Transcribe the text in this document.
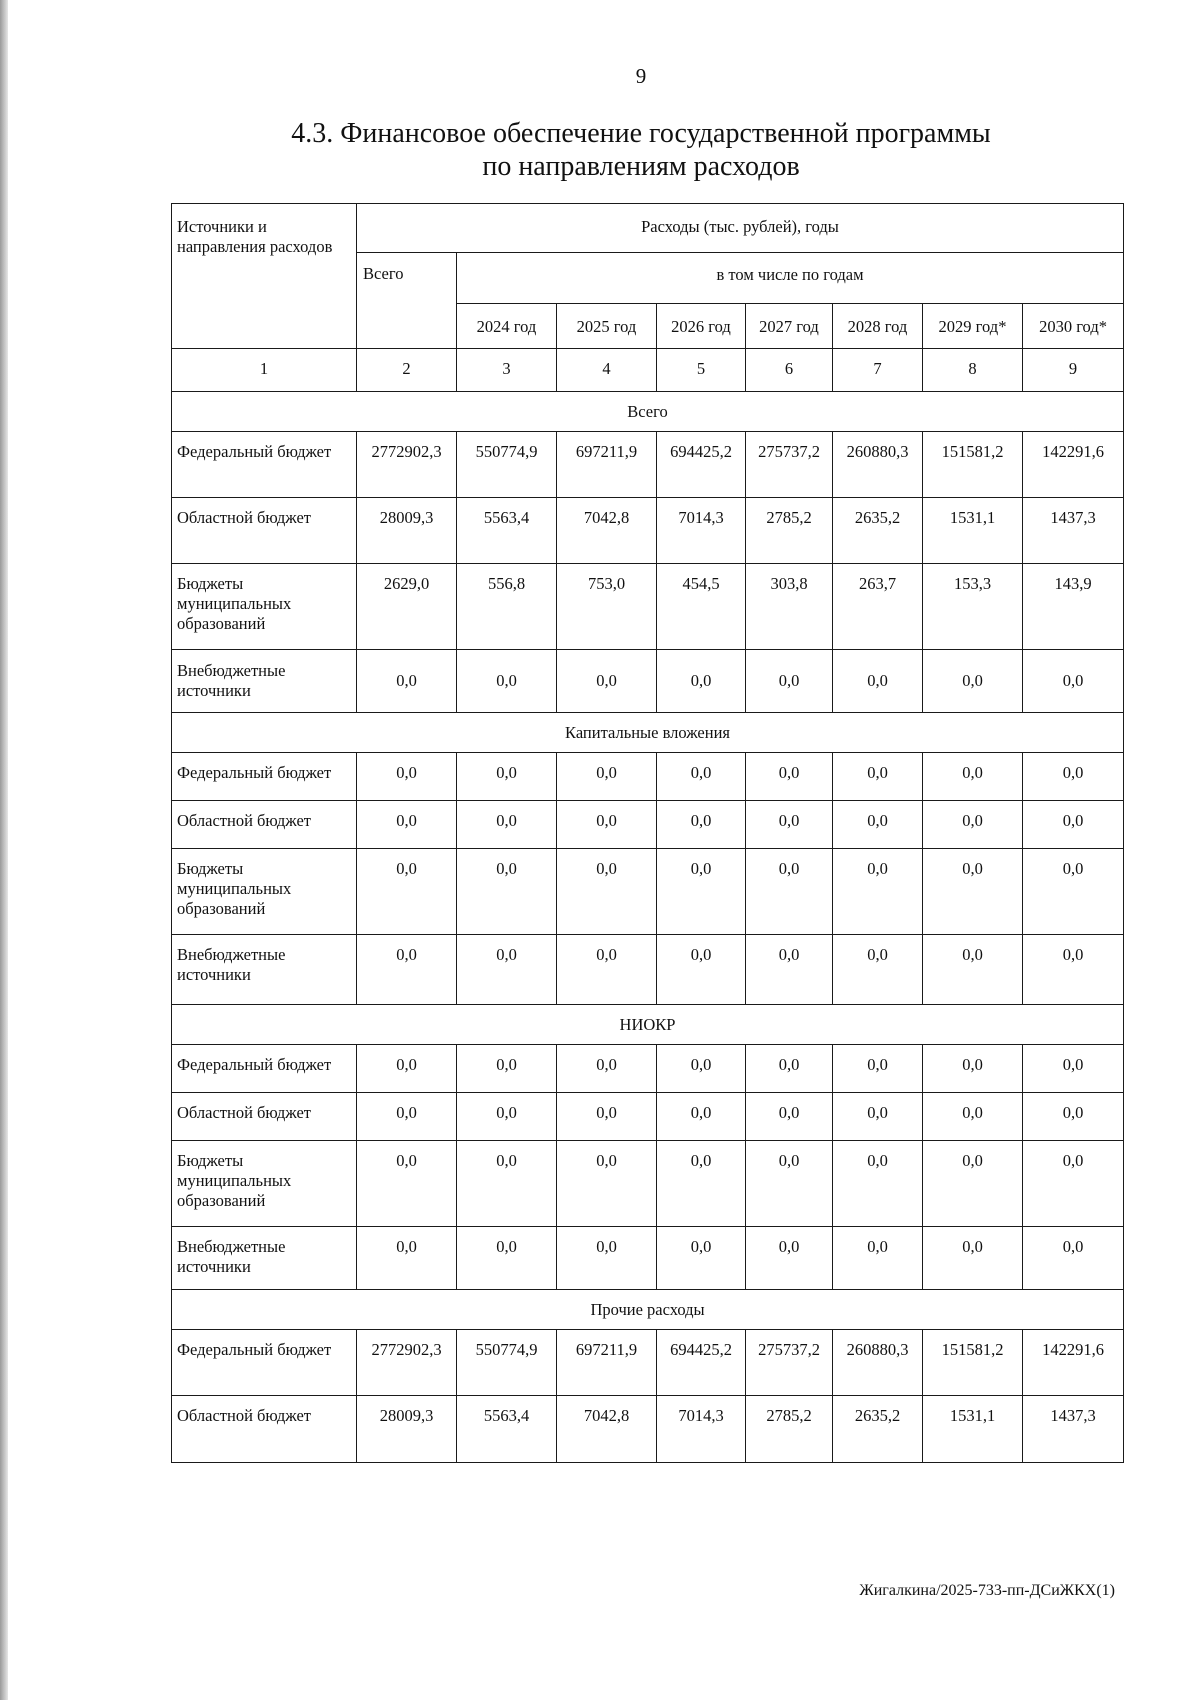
9
4.3. Финансовое обеспечение государственной программы
по направлениям расходов
Источники и направления расходов	Расходы (тыс. рублей), годы							
	Всего	в том числе по годам						
		2024 год	2025 год	2026 год	2027 год	2028 год	2029 год*	2030 год*
1	2	3	4	5	6	7	8	9
Всего								
Федеральный бюджет	2772902,3	550774,9	697211,9	694425,2	275737,2	260880,3	151581,2	142291,6
Областной бюджет	28009,3	5563,4	7042,8	7014,3	2785,2	2635,2	1531,1	1437,3
Бюджеты муниципальных образований	2629,0	556,8	753,0	454,5	303,8	263,7	153,3	143,9
Внебюджетные источники	0,0	0,0	0,0	0,0	0,0	0,0	0,0	0,0
Капитальные вложения								
Федеральный бюджет	0,0	0,0	0,0	0,0	0,0	0,0	0,0	0,0
Областной бюджет	0,0	0,0	0,0	0,0	0,0	0,0	0,0	0,0
Бюджеты муниципальных образований	0,0	0,0	0,0	0,0	0,0	0,0	0,0	0,0
Внебюджетные источники	0,0	0,0	0,0	0,0	0,0	0,0	0,0	0,0
НИОКР								
Федеральный бюджет	0,0	0,0	0,0	0,0	0,0	0,0	0,0	0,0
Областной бюджет	0,0	0,0	0,0	0,0	0,0	0,0	0,0	0,0
Бюджеты муниципальных образований	0,0	0,0	0,0	0,0	0,0	0,0	0,0	0,0
Внебюджетные источники	0,0	0,0	0,0	0,0	0,0	0,0	0,0	0,0
Прочие расходы								
Федеральный бюджет	2772902,3	550774,9	697211,9	694425,2	275737,2	260880,3	151581,2	142291,6
Областной бюджет	28009,3	5563,4	7042,8	7014,3	2785,2	2635,2	1531,1	1437,3
Жигалкина/2025-733-пп-ДСиЖКХ(1)
